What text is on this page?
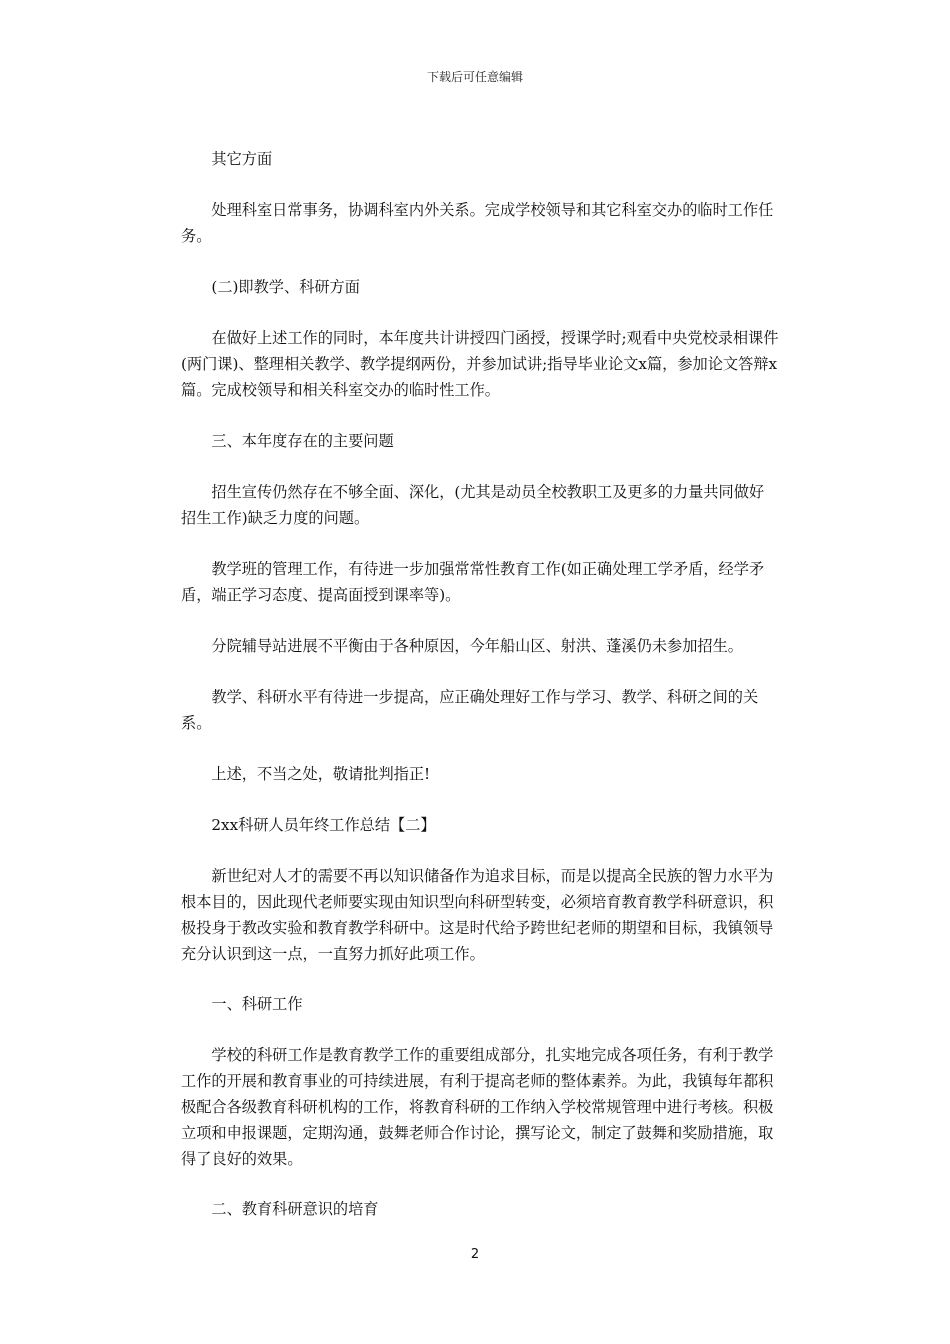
下载后可任意编辑

其它方面

处理科室日常事务，协调科室内外关系。完成学校领导和其它科室交办的临时工作任务。

(二)即教学、科研方面

在做好上述工作的同时，本年度共计讲授四门函授，授课学时;观看中央党校录相课件(两门课)、整理相关教学、教学提纲两份，并参加试讲;指导毕业论文x篇，参加论文答辩x篇。完成校领导和相关科室交办的临时性工作。

三、本年度存在的主要问题

招生宣传仍然存在不够全面、深化，(尤其是动员全校教职工及更多的力量共同做好招生工作)缺乏力度的问题。

教学班的管理工作，有待进一步加强常常性教育工作(如正确处理工学矛盾，经学矛盾，端正学习态度、提高面授到课率等)。

分院辅导站进展不平衡由于各种原因，今年船山区、射洪、蓬溪仍未参加招生。

教学、科研水平有待进一步提高，应正确处理好工作与学习、教学、科研之间的关系。

上述，不当之处，敬请批判指正!

2xx科研人员年终工作总结【二】

新世纪对人才的需要不再以知识储备作为追求目标，而是以提高全民族的智力水平为根本目的，因此现代老师要实现由知识型向科研型转变，必须培育教育教学科研意识，积极投身于教改实验和教育教学科研中。这是时代给予跨世纪老师的期望和目标，我镇领导充分认识到这一点，一直努力抓好此项工作。

一、科研工作

学校的科研工作是教育教学工作的重要组成部分，扎实地完成各项任务，有利于教学工作的开展和教育事业的可持续进展，有利于提高老师的整体素养。为此，我镇每年都积极配合各级教育科研机构的工作，将教育科研的工作纳入学校常规管理中进行考核。积极立项和申报课题，定期沟通，鼓舞老师合作讨论，撰写论文，制定了鼓舞和奖励措施，取得了良好的效果。

二、教育科研意识的培育

2
